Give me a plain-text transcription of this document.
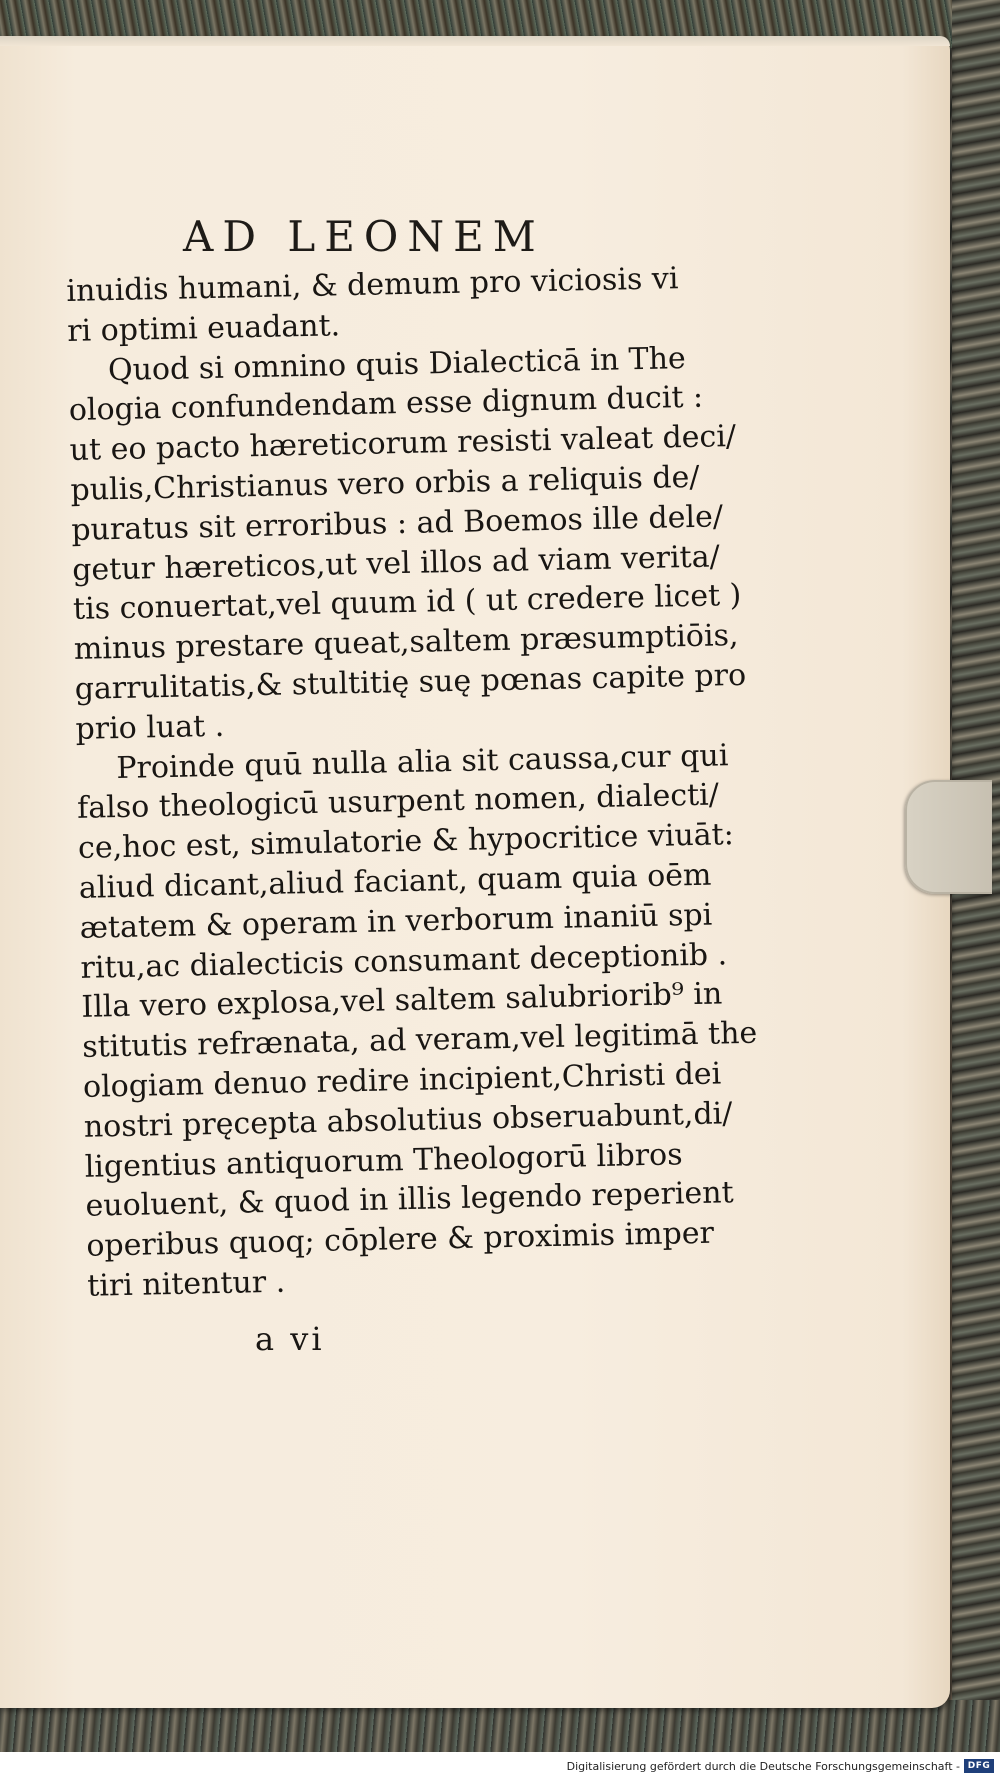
AD LEONEM
inuidis humani, & demum pro viciosis vi
ri optimi euadant.
Quod si omnino quis Dialecticā in The
ologia confundendam esse dignum ducit :
ut eo pacto hæreticorum resisti valeat deci/
pulis,Christianus vero orbis a reliquis de/
puratus sit erroribus : ad Boemos ille dele/
getur hæreticos,ut vel illos ad viam verita/
tis conuertat,vel quum id ( ut credere licet )
minus prestare queat,saltem præsumptiōis,
garrulitatis,& stultitię suę pœnas capite pro
prio luat .
Proinde quū nulla alia sit caussa,cur qui
falso theologicū usurpent nomen, dialecti/
ce,hoc est, simulatorie & hypocritice viuāt:
aliud dicant,aliud faciant, quam quia oēm
ætatem & operam in verborum inaniū spi
ritu,ac dialecticis consumant deceptionib .
Illa vero explosa,vel saltem salubriorib⁹ in
stitutis refrænata, ad veram,vel legitimā the
ologiam denuo redire incipient,Christi dei
nostri pręcepta absolutius obseruabunt,di/
ligentius antiquorum Theologorū libros
euoluent, & quod in illis legendo reperient
operibus quoq; cōplere & proximis imper
tiri nitentur .
a vi
Digitalisierung gefördert durch die Deutsche Forschungsgemeinschaft - DFG
